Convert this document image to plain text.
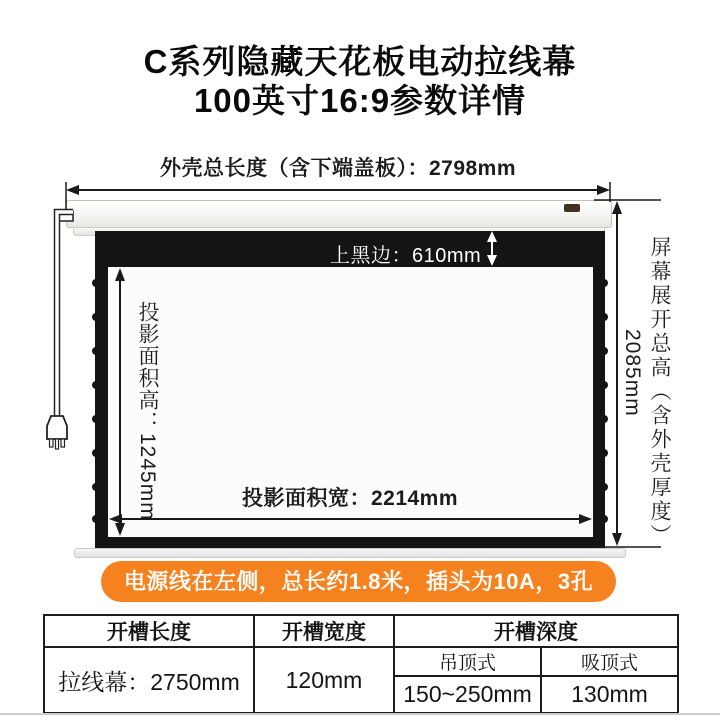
C系列隐藏天花板电动拉线幕
100英寸16:9参数详情
外壳总长度（含下端盖板）：2798mm
上黑边：610mm
投影面积高：1245mm	投影面积宽：2214mm	屏幕展开总高（含外壳厚度）
2085mm
电源线在左侧，总长约1.8米，插头为10A，3孔
开槽长度	开槽宽度	开槽深度	
拉线幕：2750mm	120mm	吊顶式	吸顶式
		150~250mm	130mm
